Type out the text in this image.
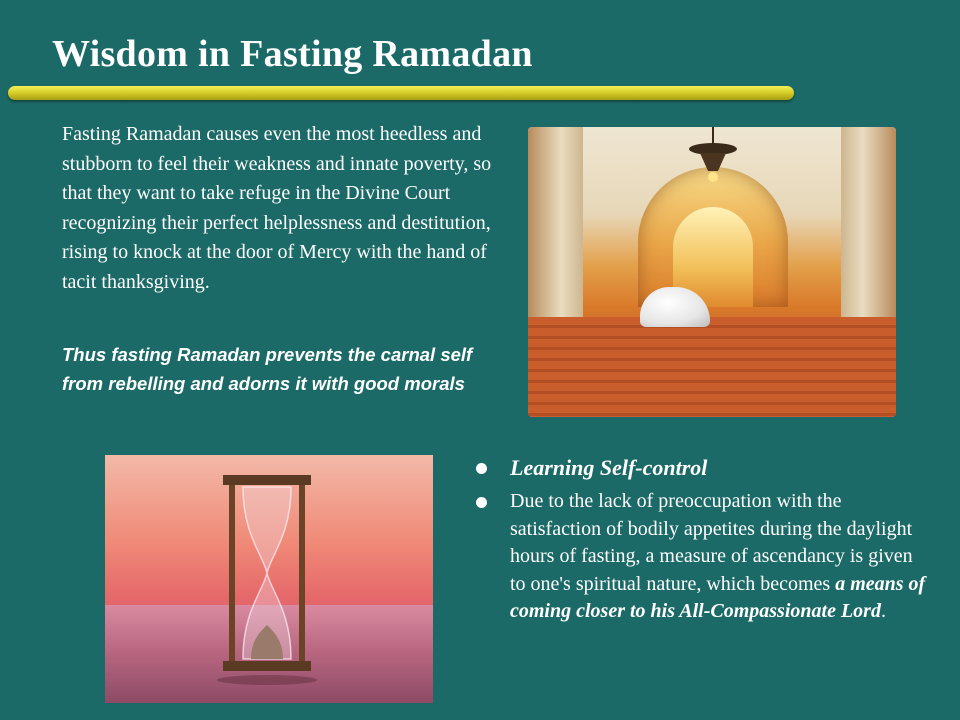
Wisdom in Fasting Ramadan

Fasting Ramadan causes even the most heedless and stubborn to feel their weakness and innate poverty, so that they want to take refuge in the Divine Court recognizing their perfect helplessness and destitution, rising to knock at the door of Mercy with the hand of tacit thanksgiving.

Thus fasting Ramadan prevents the carnal self from rebelling and adorns it with good morals

Learning Self-control
Due to the lack of preoccupation with the satisfaction of bodily appetites during the daylight hours of fasting, a measure of ascendancy is given to one's spiritual nature, which becomes a means of coming closer to his All-Compassionate Lord.
